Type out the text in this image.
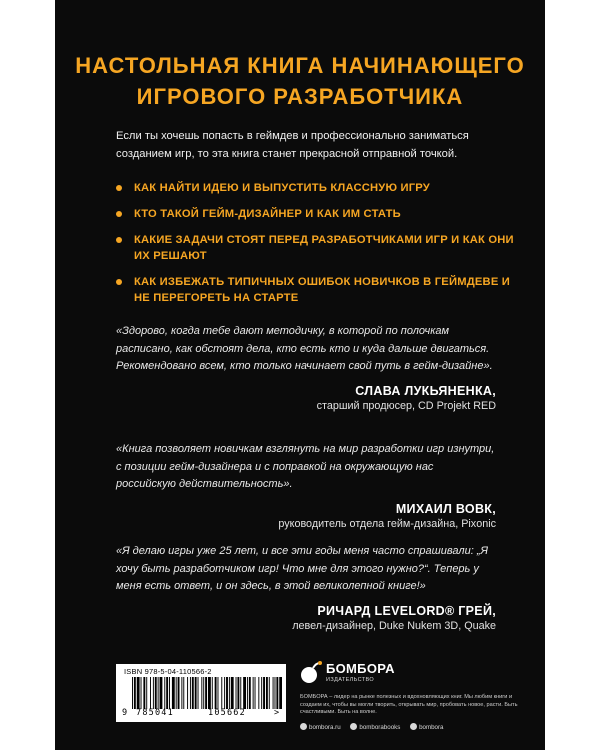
НАСТОЛЬНАЯ КНИГА НАЧИНАЮЩЕГО
ИГРОВОГО РАЗРАБОТЧИКА

Если ты хочешь попасть в геймдев и профессионально заниматься созданием игр, то эта книга станет прекрасной отправной точкой.

КАК НАЙТИ ИДЕЮ И ВЫПУСТИТЬ КЛАССНУЮ ИГРУ
КТО ТАКОЙ ГЕЙМ-ДИЗАЙНЕР И КАК ИМ СТАТЬ
КАКИЕ ЗАДАЧИ СТОЯТ ПЕРЕД РАЗРАБОТЧИКАМИ ИГР И КАК ОНИ ИХ РЕШАЮТ
КАК ИЗБЕЖАТЬ ТИПИЧНЫХ ОШИБОК НОВИЧКОВ В ГЕЙМДЕВЕ И НЕ ПЕРЕГОРЕТЬ НА СТАРТЕ

«Здорово, когда тебе дают методичку, в которой по полочкам расписано, как обстоят дела, кто есть кто и куда дальше двигаться. Рекомендовано всем, кто только начинает свой путь в гейм-дизайне».

СЛАВА ЛУКЬЯНЕНКА,

старший продюсер, CD Projekt RED

«Книга позволяет новичкам взглянуть на мир разработки игр изнутри, с позиции гейм-дизайнера и с поправкой на окружающую нас российскую действительность».

МИХАИЛ ВОВК,

руководитель отдела гейм-дизайна, Pixonic

«Я делаю игры уже 25 лет, и все эти годы меня часто спрашивали: „Я хочу быть разработчиком игр! Что мне для этого нужно?“. Теперь у меня есть ответ, и он здесь, в этой великолепной книге!»

РИЧАРД LEVELORD® ГРЕЙ,

левел-дизайнер, Duke Nukem 3D, Quake

ISBN 978-5-04-110566-2
9 785041	105662	>
БОМБОРА
ИЗДАТЕЛЬСТВО

БОМБОРА – лидер на рынке полезных и вдохновляющих книг. Мы любим книги и создаем их, чтобы вы могли творить, открывать мир, пробовать новое, расти. Быть счастливыми. Быть на волне.

bombora.ru	bomborabooks	bombora
